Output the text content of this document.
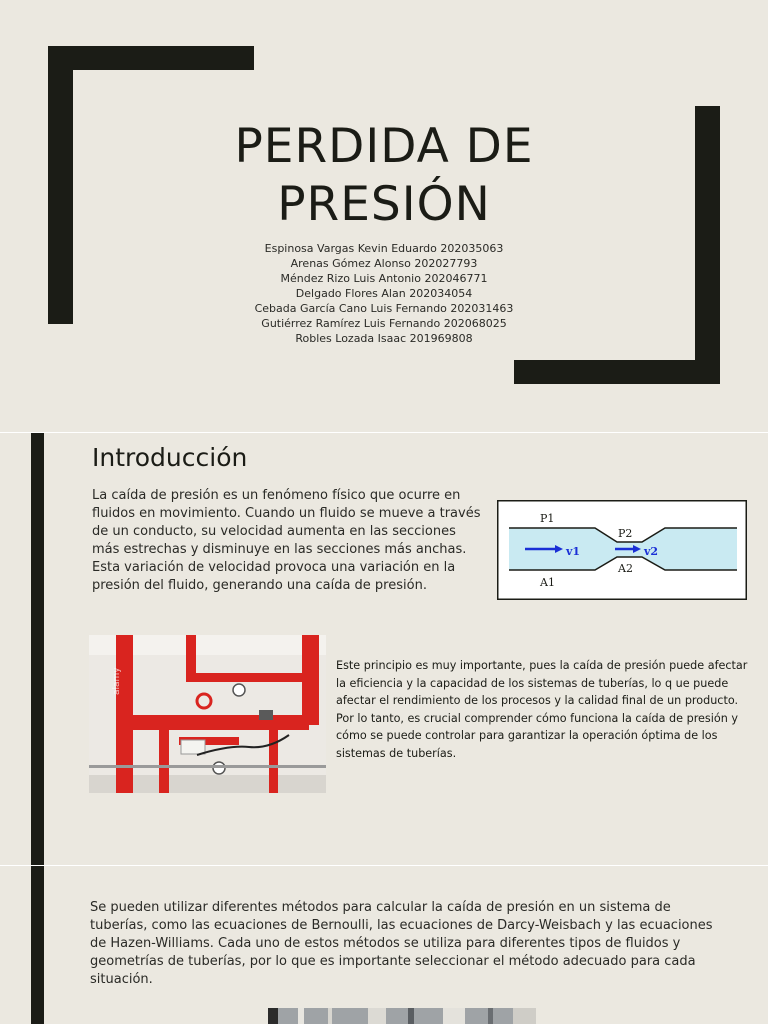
PERDIDA DE PRESIÓN
Espinosa Vargas Kevin Eduardo 202035063
Arenas Gómez Alonso 202027793
Méndez Rizo Luis Antonio 202046771
Delgado Flores Alan 202034054
Cebada García Cano Luis Fernando 202031463
Gutiérrez Ramírez Luis Fernando 202068025
Robles Lozada Isaac 201969808
Introducción

La caída de presión es un fenómeno físico que ocurre en fluidos en movimiento. Cuando un fluido se mueve a través de un conducto, su velocidad aumenta en las secciones más estrechas y disminuye en las secciones más anchas. Esta variación de velocidad provoca una variación en la presión del fluido, generando una caída de presión.

P1
P2
v1	v2
A1
A2
alamy
Este principio es muy importante, pues la caída de presión puede afectar la eficiencia y la capacidad de los sistemas de tuberías, lo q ue puede afectar el rendimiento de los procesos y la calidad final de un producto.
Por lo tanto, es crucial comprender cómo funciona la caída de presión y cómo se puede controlar para garantizar la operación óptima de los sistemas de tuberías.

Se pueden utilizar diferentes métodos para calcular la caída de presión en un sistema de tuberías, como las ecuaciones de Bernoulli, las ecuaciones de Darcy-Weisbach y las ecuaciones de Hazen-Williams. Cada uno de estos métodos se utiliza para diferentes tipos de fluidos y geometrías de tuberías, por lo que es importante seleccionar el método adecuado para cada situación.
